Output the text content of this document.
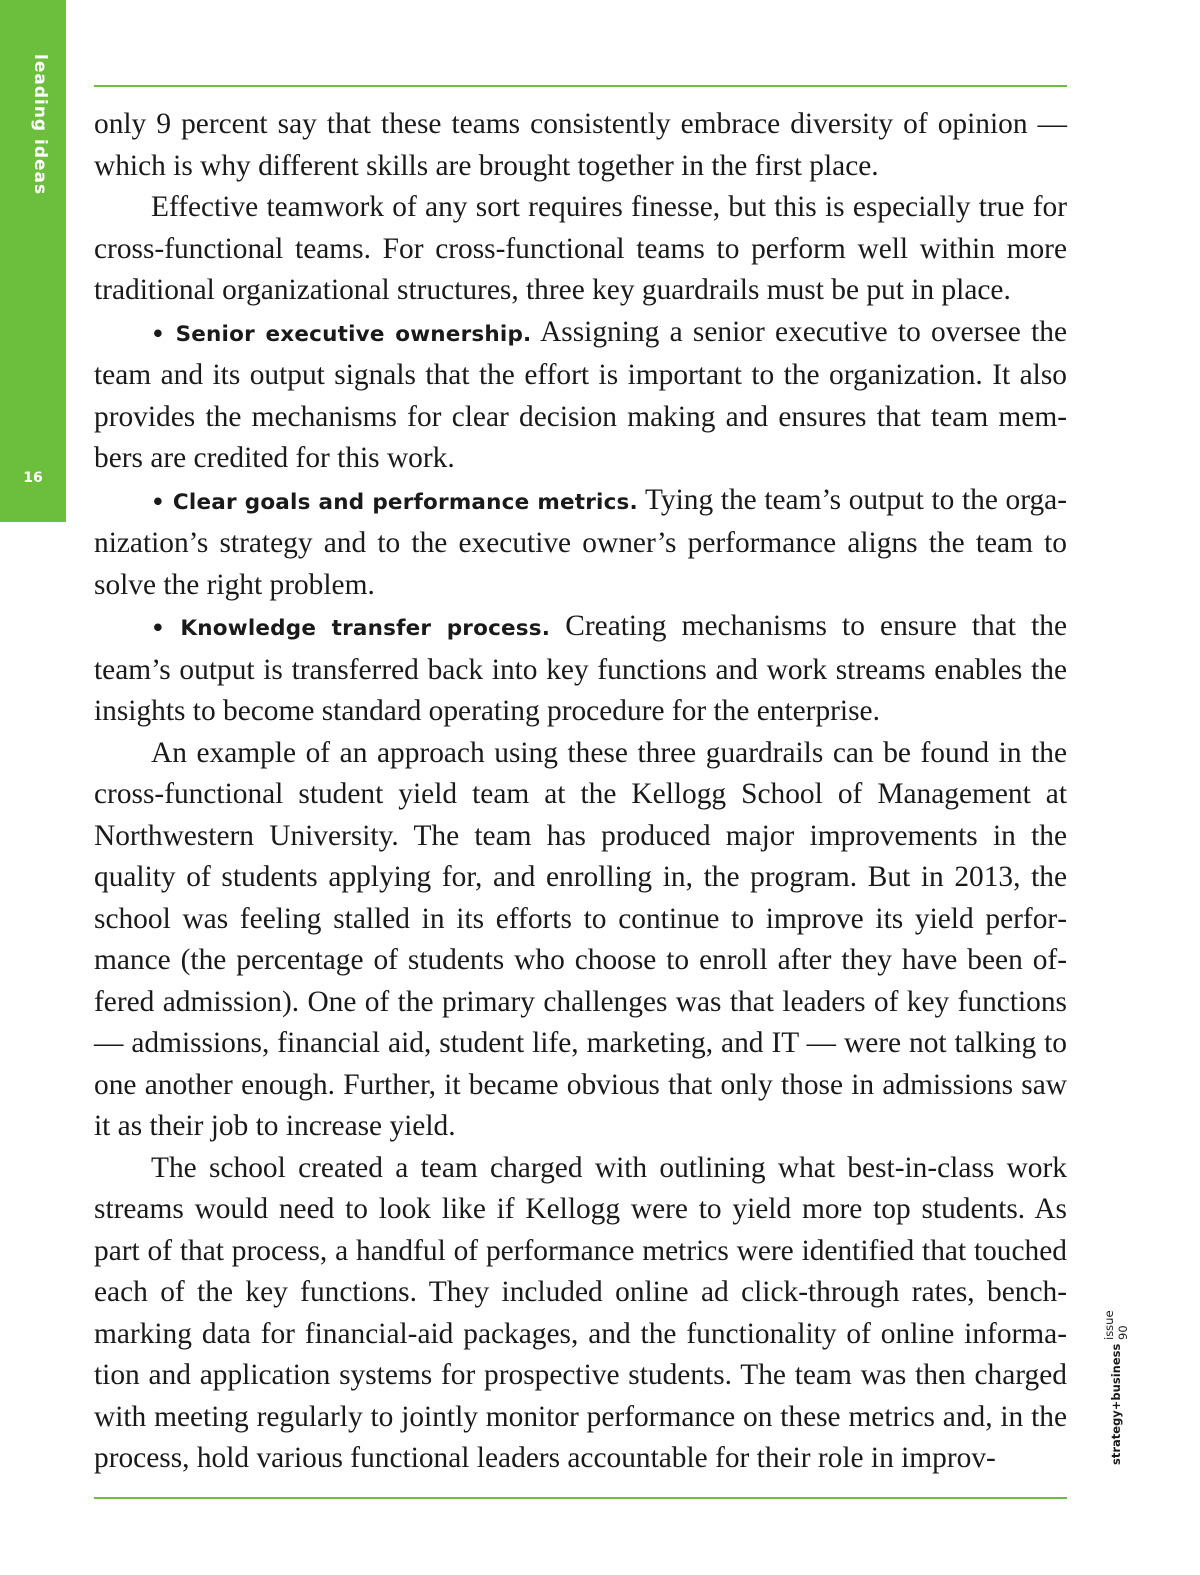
leading ideas
16

only 9 percent say that these teams consistently embrace diversity of opinion — which is why different skills are brought together in the first place.

Effective teamwork of any sort requires finesse, but this is especially true for cross-functional teams. For cross-functional teams to perform well within more traditional organizational structures, three key guardrails must be put in place.

• Senior executive ownership. Assigning a senior executive to oversee the team and its output signals that the effort is important to the organization. It also provides the mechanisms for clear decision making and ensures that team members are credited for this work.

• Clear goals and performance metrics. Tying the team’s output to the organization’s strategy and to the executive owner’s performance aligns the team to solve the right problem.

• Knowledge transfer process. Creating mechanisms to ensure that the team’s output is transferred back into key functions and work streams enables the insights to become standard operating procedure for the enterprise.

An example of an approach using these three guardrails can be found in the cross-functional student yield team at the Kellogg School of Management at Northwestern University. The team has produced major improvements in the quality of students applying for, and enrolling in, the program. But in 2013, the school was feeling stalled in its efforts to continue to improve its yield performance (the percentage of students who choose to enroll after they have been offered admission). One of the primary challenges was that leaders of key functions — admissions, financial aid, student life, marketing, and IT — were not talking to one another enough. Further, it became obvious that only those in admissions saw it as their job to increase yield.

The school created a team charged with outlining what best-in-class work streams would need to look like if Kellogg were to yield more top students. As part of that process, a handful of performance metrics were identified that touched each of the key functions. They included online ad click-through rates, benchmarking data for financial-aid packages, and the functionality of online information and application systems for prospective students. The team was then charged with meeting regularly to jointly monitor performance on these metrics and, in the process, hold various functional leaders accountable for their role in improv-	strategy+business

issue 90
